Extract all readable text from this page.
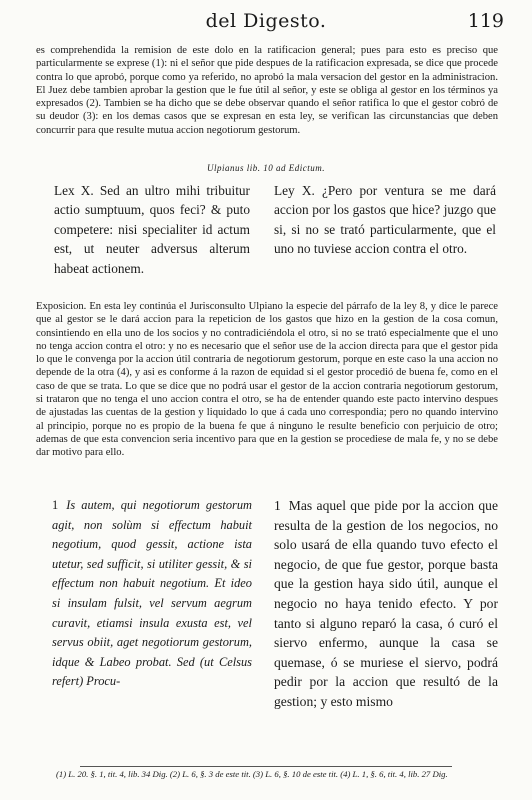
del Digesto.	119

es comprehendida la remision de este dolo en la ratificacion general; pues para esto es preciso que particularmente se exprese (1): ni el señor que pide despues de la ratificacion expresada, se dice que procede contra lo que aprobó, porque como ya referido, no aprobó la mala versacion del gestor en la administracion. El Juez debe tambien aprobar la gestion que le fue útil al señor, y este se obliga al gestor en los términos ya expresados (2). Tambien se ha dicho que se debe observar quando el señor ratifica lo que el gestor cobró de su deudor (3): en los demas casos que se expresan en esta ley, se verifican las circunstancias que deben concurrir para que resulte mutua accion negotiorum gestorum.

Ulpianus lib. 10 ad Edictum.

Lex X. Sed an ultro mihi tribuitur actio sumptuum, quos feci? & puto competere: nisi specialiter id actum est, ut neuter adversus alterum habeat actionem.

Ley X. ¿Pero por ventura se me dará accion por los gastos que hice? juzgo que si, si no se trató particularmente, que el uno no tuviese accion contra el otro.

Exposicion. En esta ley continúa el Jurisconsulto Ulpiano la especie del párrafo de la ley 8, y dice le parece que al gestor se le dará accion para la repeticion de los gastos que hizo en la gestion de la cosa comun, consintiendo en ella uno de los socios y no contradiciéndola el otro, si no se trató especialmente que el uno no tenga accion contra el otro: y no es necesario que el señor use de la accion directa para que el gestor pida lo que le convenga por la accion útil contraria de negotiorum gestorum, porque en este caso la una accion no depende de la otra (4), y asi es conforme á la razon de equidad si el gestor procedió de buena fe, como en el caso de que se trata. Lo que se dice que no podrá usar el gestor de la accion contraria negotiorum gestorum, si trataron que no tenga el uno accion contra el otro, se ha de entender quando este pacto intervino despues de ajustadas las cuentas de la gestion y liquidado lo que á cada uno correspondia; pero no quando intervino al principio, porque no es propio de la buena fe que á ninguno le resulte beneficio con perjuicio de otro; ademas de que esta convencion seria incentivo para que en la gestion se procediese de mala fe, y no se debe dar motivo para ello.

1 Is autem, qui negotiorum gestorum agit, non solùm si effectum habuit negotium, quod gessit, actione ista utetur, sed sufficit, si utiliter gessit, & si effectum non habuit negotium. Et ideo si insulam fulsit, vel servum aegrum curavit, etiamsi insula exusta est, vel servus obiit, aget negotiorum gestorum, idque & Labeo probat. Sed (ut Celsus refert) Procu-

1 Mas aquel que pide por la accion que resulta de la gestion de los negocios, no solo usará de ella quando tuvo efecto el negocio, de que fue gestor, porque basta que la gestion haya sido útil, aunque el negocio no haya tenido efecto. Y por tanto si alguno reparó la casa, ó curó el siervo enfermo, aunque la casa se quemase, ó se muriese el siervo, podrá pedir por la accion que resultó de la gestion; y esto mismo

(1) L. 20. §. 1, tit. 4, lib. 34 Dig. (2) L. 6, §. 3 de este tit. (3) L. 6, §. 10 de este tit. (4) L. 1, §. 6, tit. 4, lib. 27 Dig.
